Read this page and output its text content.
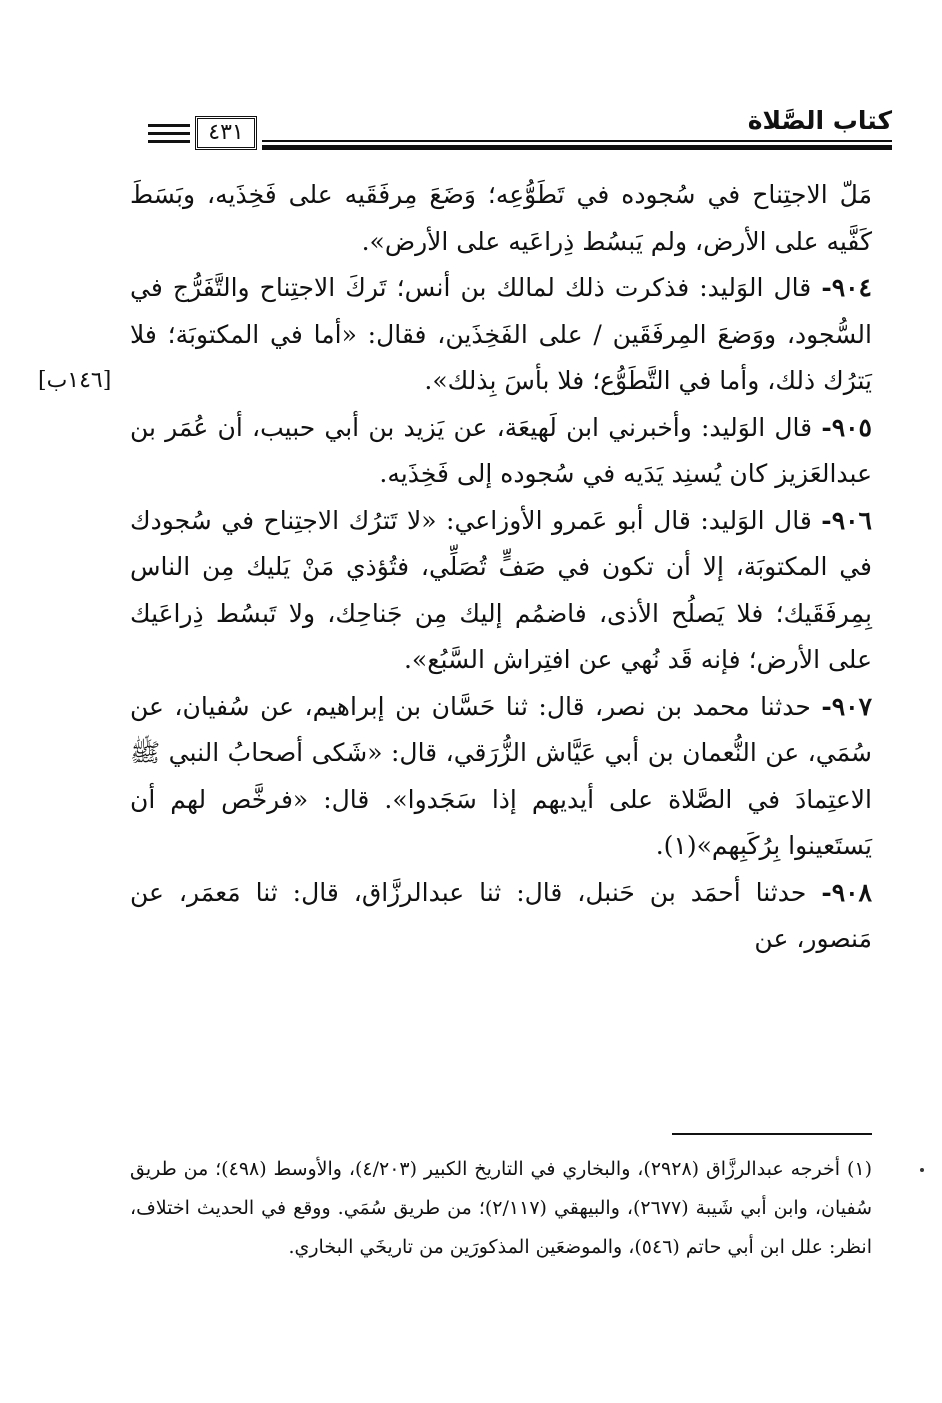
كتاب الصَّلاة
٤٣١
[١٤٦ب]

مَلّ الاجتِناح في سُجوده في تَطَوُّعِه؛ وَضَعَ مِرفَقَيه على فَخِذَيه، وبَسَطَ كَفَّيه على الأرض، ولم يَبسُط ذِراعَيه على الأرض».

٩٠٤- قال الوَليد: فذكرت ذلك لمالك بن أنس؛ تَركَ الاجتِناح والتَّفَرُّج في السُّجود، ووَضعَ المِرفَقَين / على الفَخِذَين، فقال: «أما في المكتوبَة؛ فلا يَترُك ذلك، وأما في التَّطَوُّع؛ فلا بأسَ بِذلك».

٩٠٥- قال الوَليد: وأخبرني ابن لَهيعَة، عن يَزيد بن أبي حبيب، أن عُمَر بن عبدالعَزيز كان يُسنِد يَدَيه في سُجوده إلى فَخِذَيه.

٩٠٦- قال الوَليد: قال أبو عَمرو الأوزاعي: «لا تَترُك الاجتِناح في سُجودك في المكتوبَة، إلا أن تكون في صَفٍّ تُصَلِّي، فتُؤذي مَنْ يَليك مِن الناس بِمِرفَقَيك؛ فلا يَصلُح الأذى، فاضمُم إليك مِن جَناحِك، ولا تَبسُط ذِراعَيك على الأرض؛ فإنه قَد نُهي عن افتِراش السَّبُع».

٩٠٧- حدثنا محمد بن نصر، قال: ثنا حَسَّان بن إبراهيم، عن سُفيان، عن سُمَي، عن النُّعمان بن أبي عَيَّاش الزُّرَقي، قال: «شَكى أصحابُ النبي ﷺ الاعتِمادَ في الصَّلاة على أيديهم إذا سَجَدوا». قال: «فرخَّص لهم أن يَستَعينوا بِرُكَبِهم»(١).

٩٠٨- حدثنا أحمَد بن حَنبل، قال: ثنا عبدالرزَّاق، قال: ثنا مَعمَر، عن مَنصور، عن

(١) أخرجه عبدالرزَّاق (٢٩٢٨)، والبخاري في التاريخ الكبير (٤/٢٠٣)، والأوسط (٤٩٨)؛ من طريق سُفيان، وابن أبي شَيبة (٢٦٧٧)، والبيهقي (٢/١١٧)؛ من طريق سُمَي. ووقع في الحديث اختلاف، انظر: علل ابن أبي حاتم (٥٤٦)، والموضعَين المذكورَين من تاريخَي البخاري.
